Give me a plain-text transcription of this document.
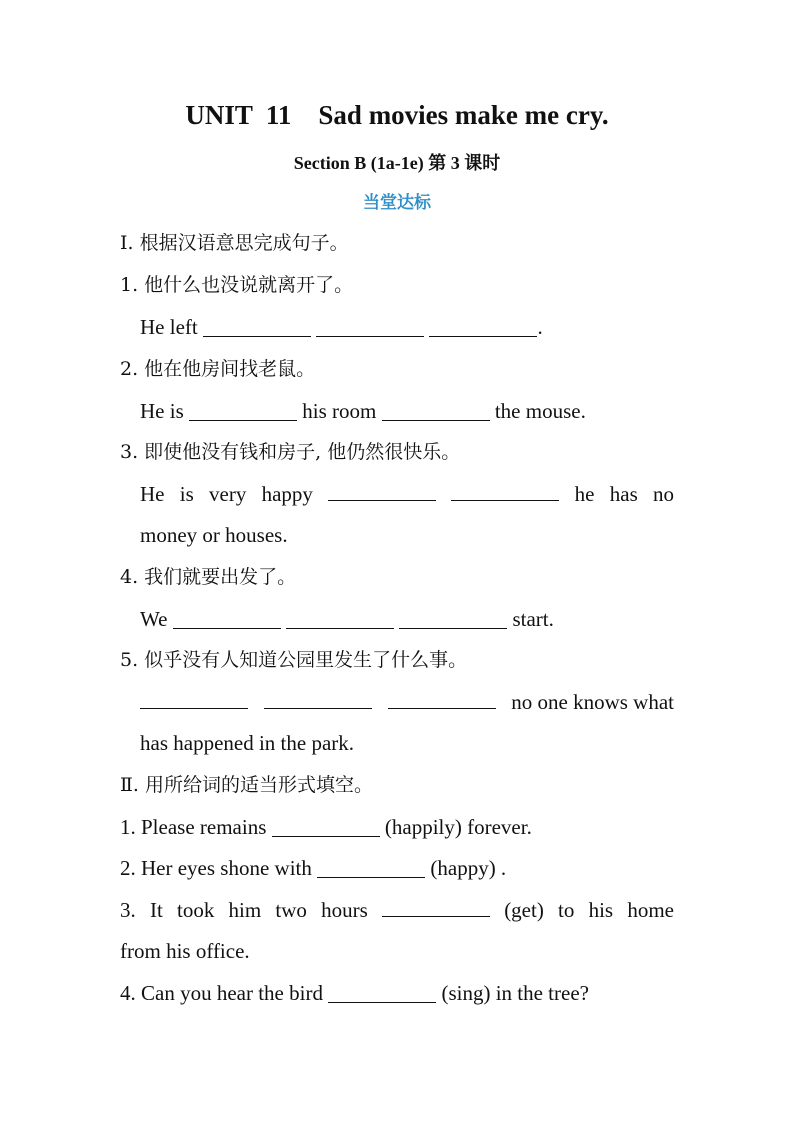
UNIT  11    Sad movies make me cry.
Section B (1a-1e) 第 3 课时
当堂达标
Ⅰ. 根据汉语意思完成句子。
1. 他什么也没说就离开了。
He left	.
2. 他在他房间找老鼠。
He is	his room	the mouse.
3. 即使他没有钱和房子, 他仍然很快乐。
He is very happy	he has no
money or houses.
4. 我们就要出发了。
We	start.
5. 似乎没有人知道公园里发生了什么事。
no one knows what
has happened in the park.
Ⅱ. 用所给词的适当形式填空。
1. Please remains	(happily) forever.
2. Her eyes shone with	(happy) .
3. It took him two hours	(get) to his home
from his office.
4. Can you hear the bird	(sing) in the tree?
